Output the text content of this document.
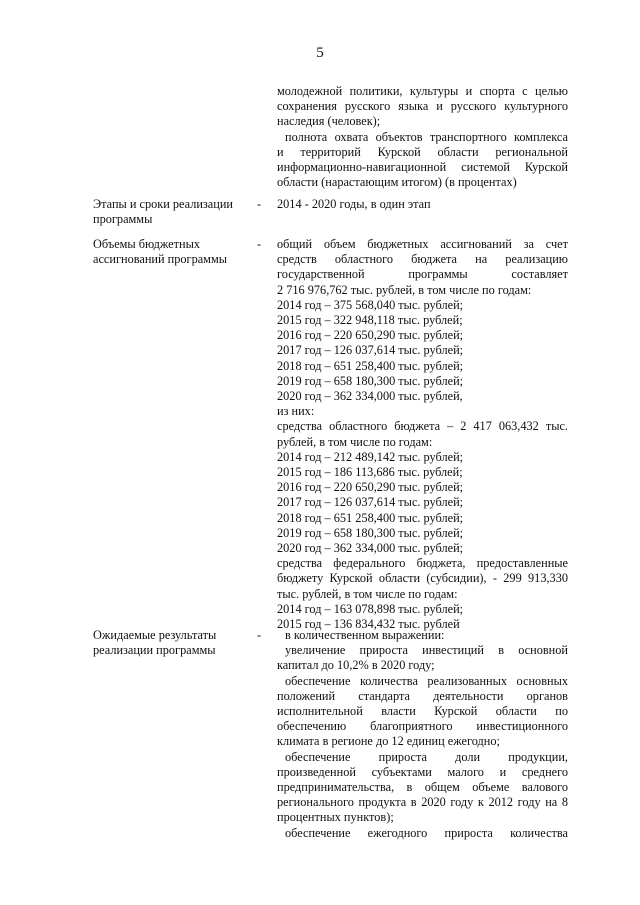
5
молодежной политики, культуры и спорта с целью
сохранения русского языка и русского культурного
наследия (человек);
полнота охвата объектов транспортного комплекса
и территорий Курской области региональной
информационно-навигационной системой Курской
области (нарастающим итогом) (в процентах)
Этапы и сроки реализации
программы
-	2014 - 2020 годы, в один этап
Объемы бюджетных
ассигнований программы
-	общий объем бюджетных ассигнований за счет
средств областного бюджета на реализацию
государственной программы составляет
2 716 976,762 тыс. рублей, в том числе по годам:
2014 год – 375 568,040 тыс. рублей;
2015 год – 322 948,118 тыс. рублей;
2016 год – 220 650,290 тыс. рублей;
2017 год – 126 037,614 тыс. рублей;
2018 год – 651 258,400 тыс. рублей;
2019 год – 658 180,300 тыс. рублей;
2020 год – 362 334,000 тыс. рублей,
из них:
средства областного бюджета – 2 417 063,432 тыс.
рублей, в том числе по годам:
2014 год – 212 489,142 тыс. рублей;
2015 год – 186 113,686 тыс. рублей;
2016 год – 220 650,290 тыс. рублей;
2017 год – 126 037,614 тыс. рублей;
2018 год – 651 258,400 тыс. рублей;
2019 год – 658 180,300 тыс. рублей;
2020 год – 362 334,000 тыс. рублей;
средства федерального бюджета, предоставленные
бюджету Курской области (субсидии), - 299 913,330
тыс. рублей, в том числе по годам:
2014 год – 163 078,898 тыс. рублей;
2015 год – 136 834,432 тыс. рублей
Ожидаемые результаты
реализации программы
-	в количественном выражении:
увеличение прироста инвестиций в основной
капитал до 10,2% в 2020 году;
обеспечение количества реализованных основных
положений стандарта деятельности органов
исполнительной власти Курской области по
обеспечению благоприятного инвестиционного
климата в регионе до 12 единиц ежегодно;
обеспечение прироста доли продукции,
произведенной субъектами малого и среднего
предпринимательства, в общем объеме валового
регионального продукта в 2020 году к 2012 году на 8
процентных пунктов);
обеспечение ежегодного прироста количества
